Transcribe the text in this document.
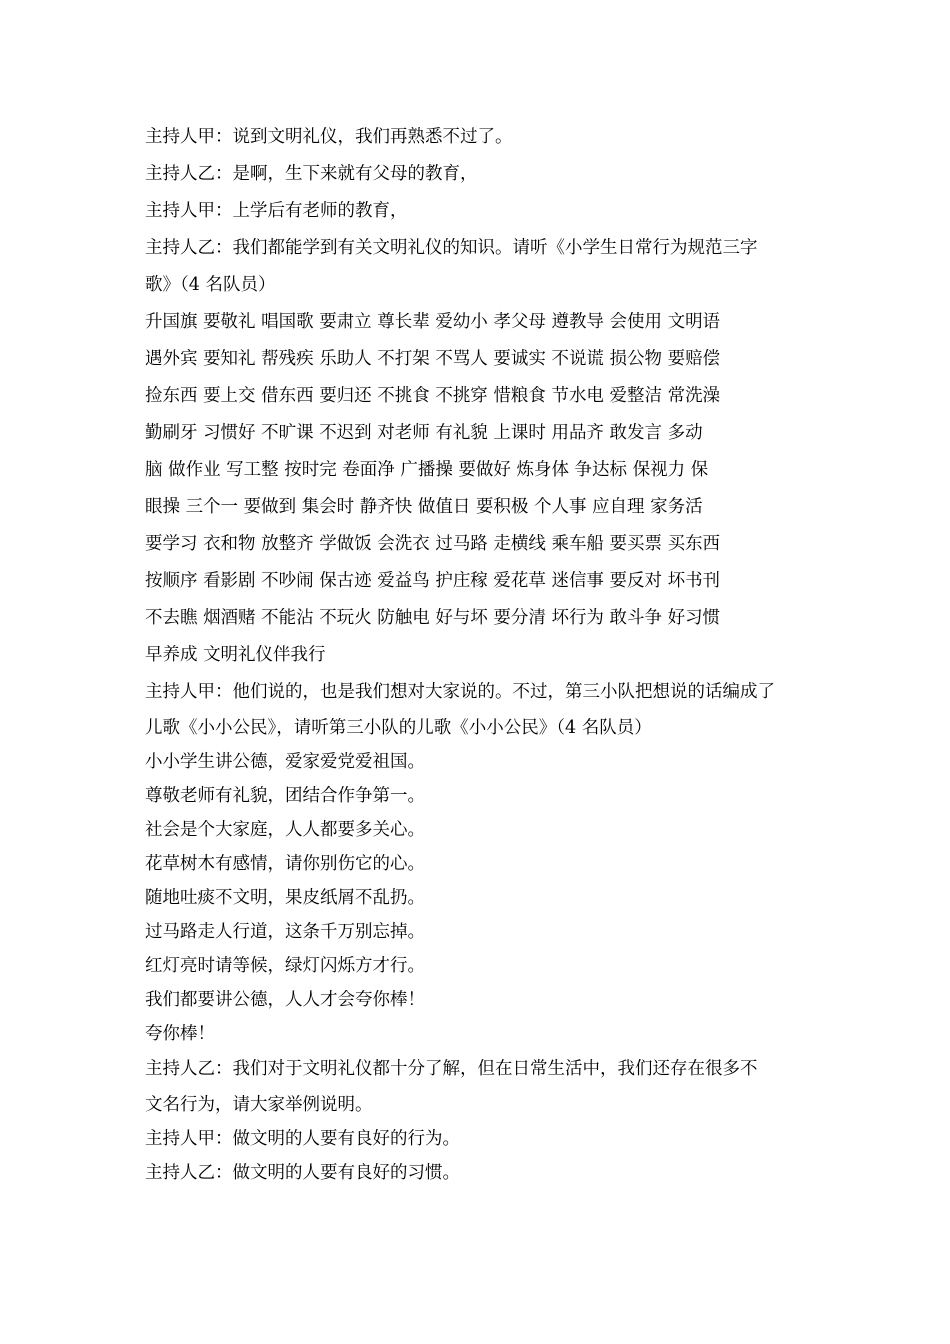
主持人甲：说到文明礼仪，我们再熟悉不过了。
主持人乙：是啊，生下来就有父母的教育，
主持人甲：上学后有老师的教育，
主持人乙：我们都能学到有关文明礼仪的知识。请听《小学生日常行为规范三字
歌》（4 名队员）
升国旗 要敬礼 唱国歌 要肃立 尊长辈 爱幼小 孝父母 遵教导 会使用 文明语
遇外宾 要知礼 帮残疾 乐助人 不打架 不骂人 要诚实 不说谎 损公物 要赔偿
捡东西 要上交 借东西 要归还 不挑食 不挑穿 惜粮食 节水电 爱整洁 常洗澡
勤刷牙 习惯好 不旷课 不迟到 对老师 有礼貌 上课时 用品齐 敢发言 多动
脑 做作业 写工整 按时完 卷面净 广播操 要做好 炼身体 争达标 保视力 保
眼操 三个一 要做到 集会时 静齐快 做值日 要积极 个人事 应自理 家务活
要学习 衣和物 放整齐 学做饭 会洗衣 过马路 走横线 乘车船 要买票 买东西
按顺序 看影剧 不吵闹 保古迹 爱益鸟 护庄稼 爱花草 迷信事 要反对 坏书刊
不去瞧 烟酒赌 不能沾 不玩火 防触电 好与坏 要分清 坏行为 敢斗争 好习惯
早养成 文明礼仪伴我行
主持人甲：他们说的，也是我们想对大家说的。不过，第三小队把想说的话编成了
儿歌《小小公民》，请听第三小队的儿歌《小小公民》（4 名队员）
小小学生讲公德，爱家爱党爱祖国。
尊敬老师有礼貌，团结合作争第一。
社会是个大家庭，人人都要多关心。
花草树木有感情，请你别伤它的心。
随地吐痰不文明，果皮纸屑不乱扔。
过马路走人行道，这条千万别忘掉。
红灯亮时请等候，绿灯闪烁方才行。
我们都要讲公德，人人才会夸你棒！
夸你棒！
主持人乙：我们对于文明礼仪都十分了解，但在日常生活中，我们还存在很多不
文名行为，请大家举例说明。
主持人甲：做文明的人要有良好的行为。
主持人乙：做文明的人要有良好的习惯。
